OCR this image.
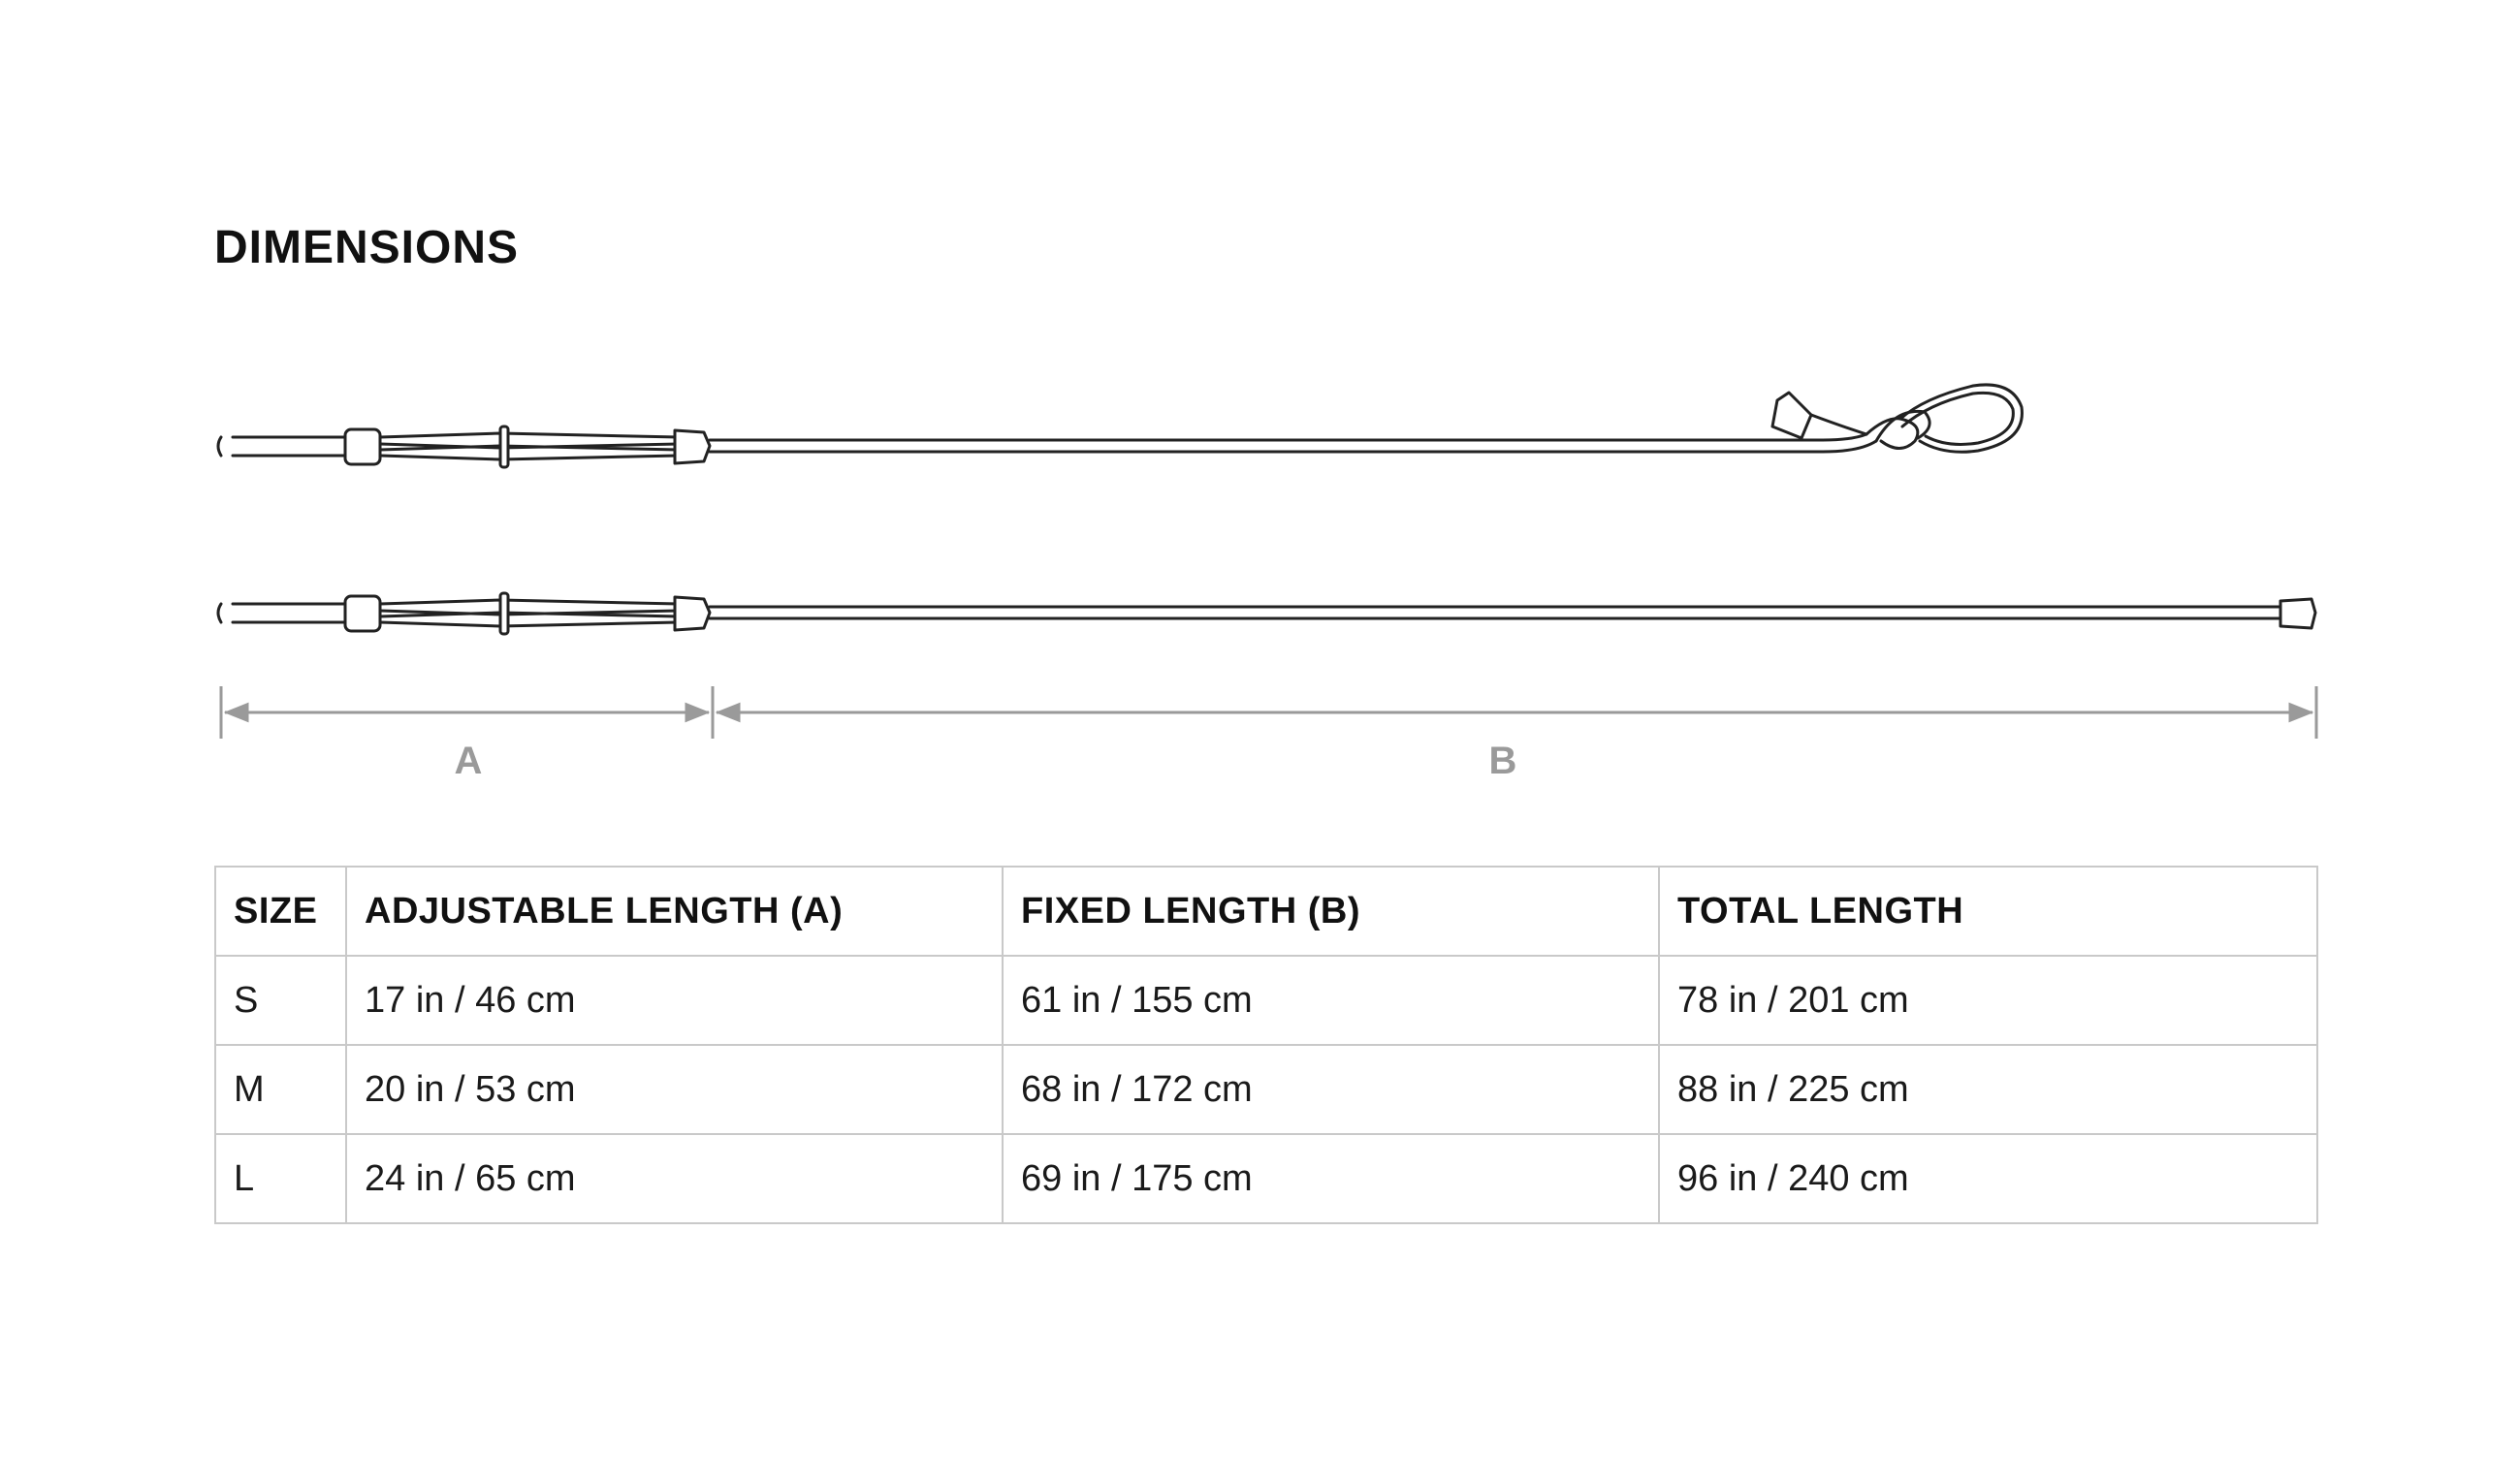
DIMENSIONS
A	B
SIZE	ADJUSTABLE LENGTH (A)	FIXED LENGTH (B)	TOTAL LENGTH
S	17 in / 46 cm	61 in / 155 cm	78 in / 201 cm
M	20 in / 53 cm	68 in / 172 cm	88 in / 225 cm
L	24 in / 65 cm	69 in / 175 cm	96 in / 240 cm
